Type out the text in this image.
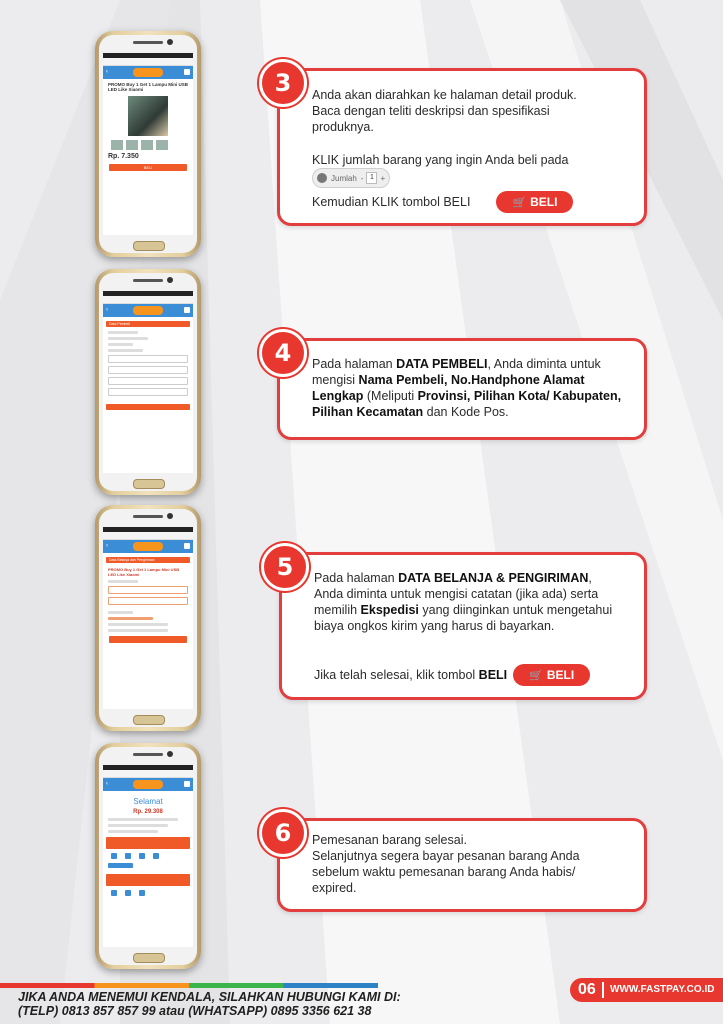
‹
PROMO Buy 1 Get 1 Lampu Mini USB LED Like Xiaomi
Rp. 7.350
BELI
‹
Data Pembeli
‹
Data Belanja dan Pengiriman
PROMO Buy 1 Get 1 Lampu Mini USB LED Like Xiaomi
‹
Selamat
Rp. 29.308

Anda akan diarahkan ke halaman detail produk.

Baca dengan teliti deskripsi dan spesifikasi

produknya.

KLIK jumlah barang yang ingin Anda beli pada

Jumlah - 1 +

Kemudian KLIK tombol BELI	🛒 BELI
3

Pada halaman DATA PEMBELI, Anda diminta untuk mengisi Nama Pembeli, No.Handphone Alamat Lengkap (Meliputi Provinsi, Pilihan Kota/ Kabupaten, Pilihan Kecamatan dan Kode Pos.

4

Pada halaman DATA BELANJA & PENGIRIMAN, Anda diminta untuk mengisi catatan (jika ada) serta memilih Ekspedisi yang diinginkan untuk mengetahui biaya ongkos kirim yang harus di bayarkan.

Jika telah selesai, klik tombol BELI	🛒 BELI
5

Pemesanan barang selesai.

Selanjutnya segera bayar pesanan barang Anda

sebelum waktu pemesanan barang Anda habis/

expired.

6
JIKA ANDA MENEMUI KENDALA, SILAHKAN HUBUNGI KAMI DI:
(TELP) 0813 857 857 99 atau (WHATSAPP) 0895 3356 621 38
06 WWW.FASTPAY.CO.ID
